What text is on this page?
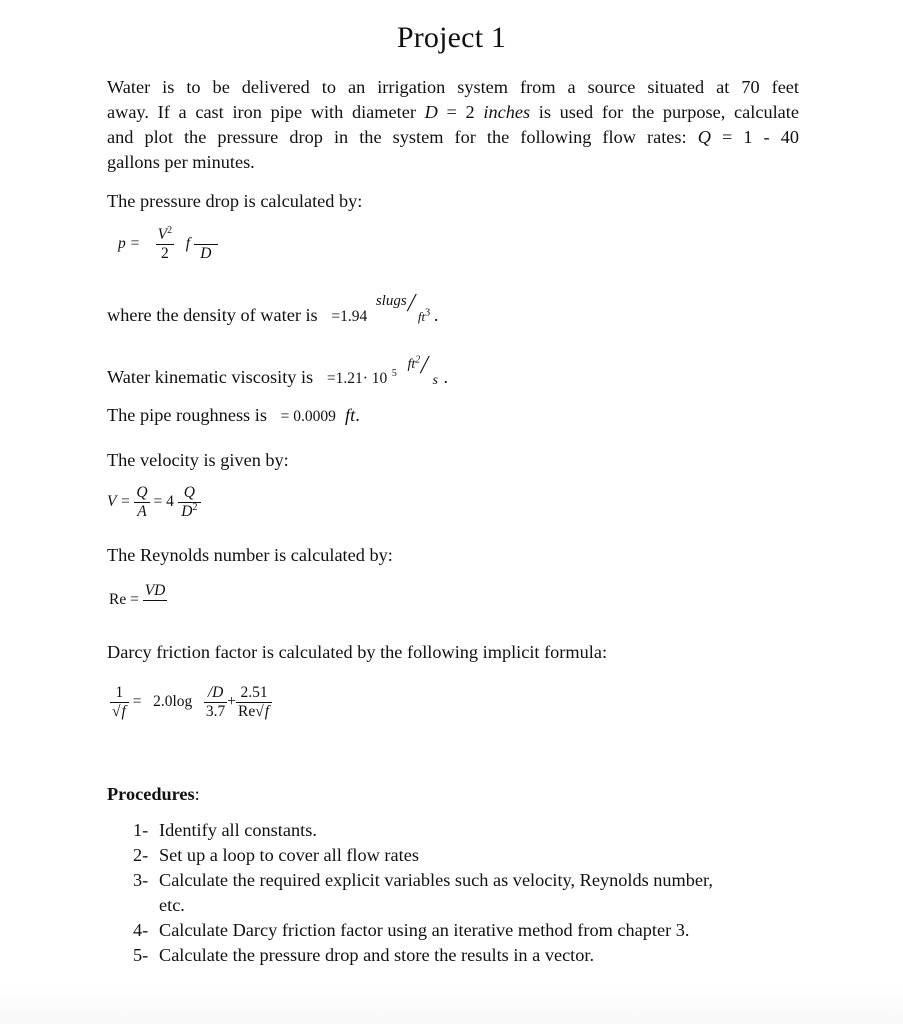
Project 1
Water is to be delivered to an irrigation system from a source situated at 70 feet
away. If a cast iron pipe with diameter D = 2 inches is used for the purpose, calculate
and plot the pressure drop in the system for the following flow rates: Q = 1 - 40
gallons per minutes.
The pressure drop is calculated by:
$p = \frac{V^2}{2}$ f
D
where the density of water is =1.94
slugs
/ $ft^3$ .
Water kinematic viscosity is =1.21· 10 $^5$
$ft^2$
/
s .
The pipe roughness is = 0.0009 ft.
The velocity is given by:
$V = \frac{Q}{A} = 4 \frac{Q}{D^2}$
The Reynolds number is calculated by:
Re =
VD
Darcy friction factor is calculated by the following implicit formula:
$\frac{1}{√f} = 2.0\log \frac{/D}{3.7} + \frac{2.51}{Re√f}$
Procedures:
1- Identify all constants.
2- Set up a loop to cover all flow rates
3- Calculate the required explicit variables such as velocity, Reynolds number,
etc.
4- Calculate Darcy friction factor using an iterative method from chapter 3.
5- Calculate the pressure drop and store the results in a vector.
